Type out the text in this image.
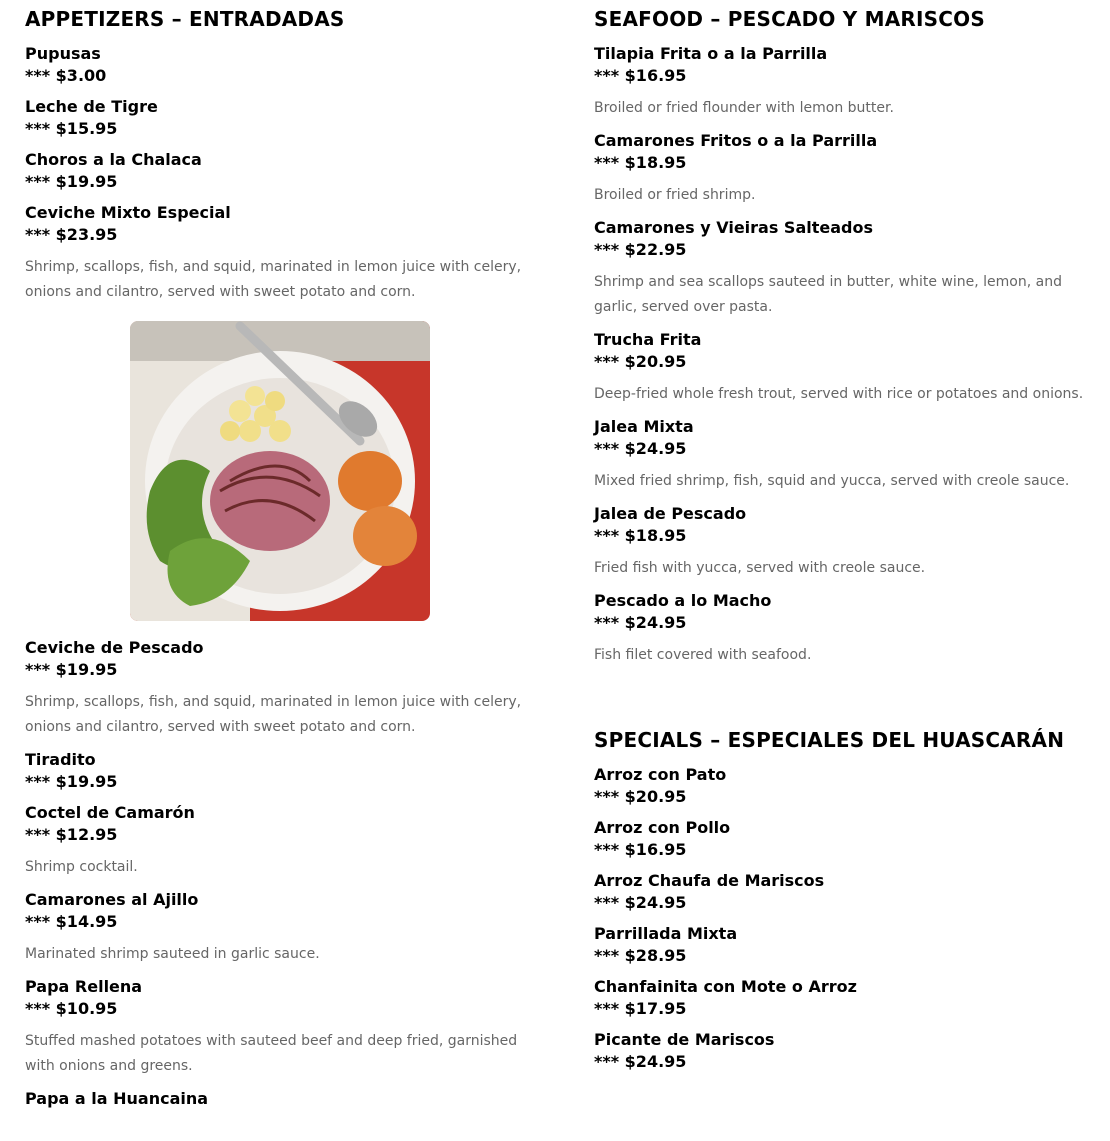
APPETIZERS – ENTRADADAS
Pupusas
*** $3.00
Leche de Tigre
*** $15.95
Choros a la Chalaca
*** $19.95
Ceviche Mixto Especial
*** $23.95
Shrimp, scallops, fish, and squid, marinated in lemon juice with celery, onions and cilantro, served with sweet potato and corn.
Ceviche de Pescado
*** $19.95
Shrimp, scallops, fish, and squid, marinated in lemon juice with celery, onions and cilantro, served with sweet potato and corn.
Tiradito
*** $19.95
Coctel de Camarón
*** $12.95
Shrimp cocktail.
Camarones al Ajillo
*** $14.95
Marinated shrimp sauteed in garlic sauce.
Papa Rellena
*** $10.95
Stuffed mashed potatoes with sauteed beef and deep fried, garnished with onions and greens.
Papa a la Huancaina
SEAFOOD – PESCADO Y MARISCOS
Tilapia Frita o a la Parrilla
*** $16.95
Broiled or fried flounder with lemon butter.
Camarones Fritos o a la Parrilla
*** $18.95
Broiled or fried shrimp.
Camarones y Vieiras Salteados
*** $22.95
Shrimp and sea scallops sauteed in butter, white wine, lemon, and garlic, served over pasta.
Trucha Frita
*** $20.95
Deep-fried whole fresh trout, served with rice or potatoes and onions.
Jalea Mixta
*** $24.95
Mixed fried shrimp, fish, squid and yucca, served with creole sauce.
Jalea de Pescado
*** $18.95
Fried fish with yucca, served with creole sauce.
Pescado a lo Macho
*** $24.95
Fish filet covered with seafood.
SPECIALS – ESPECIALES DEL HUASCARÁN
Arroz con Pato
*** $20.95
Arroz con Pollo
*** $16.95
Arroz Chaufa de Mariscos
*** $24.95
Parrillada Mixta
*** $28.95
Chanfainita con Mote o Arroz
*** $17.95
Picante de Mariscos
*** $24.95
